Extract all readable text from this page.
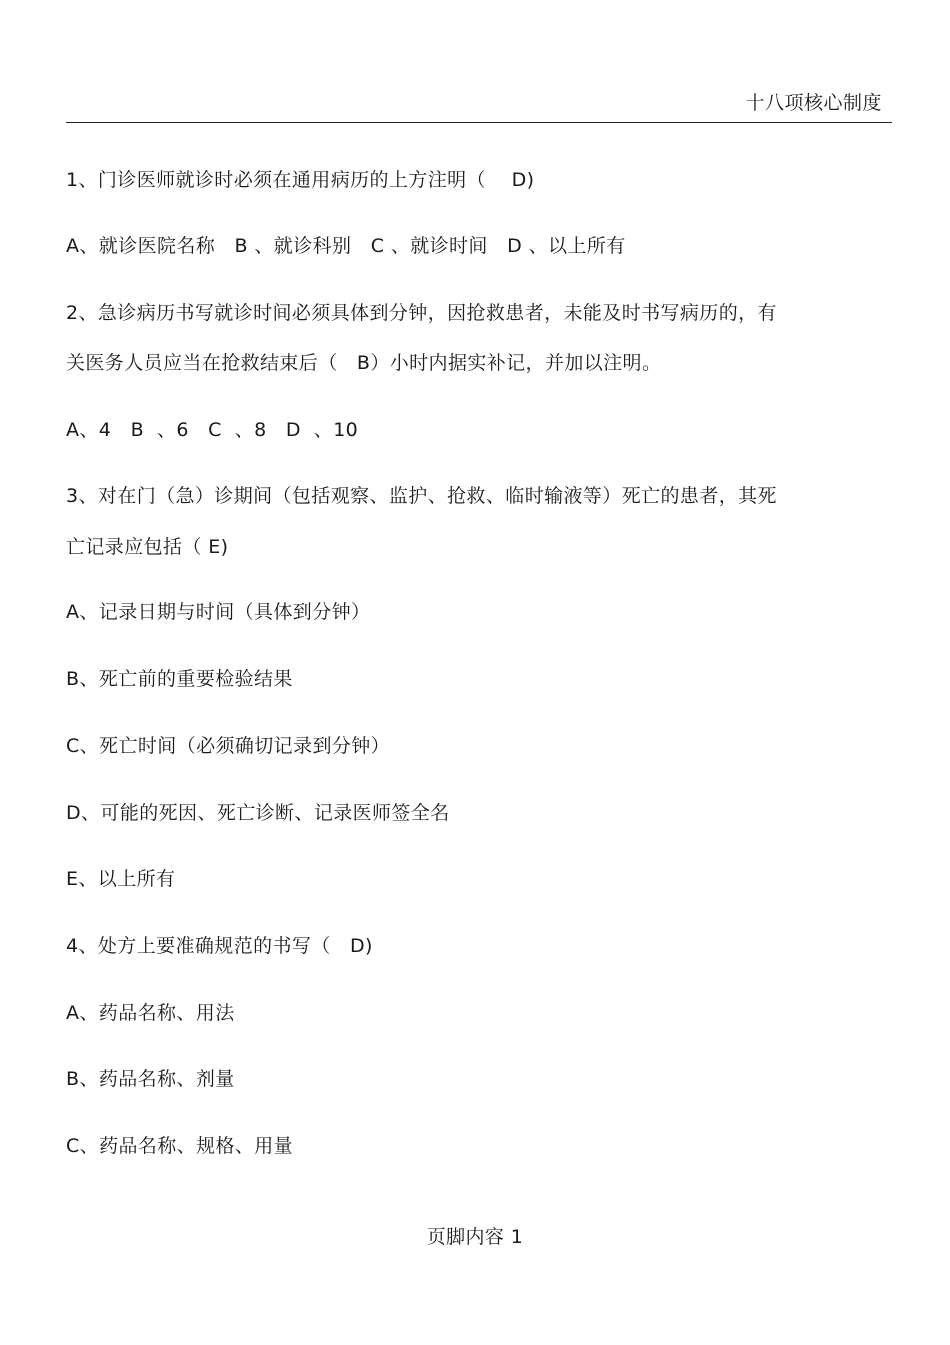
十八项核心制度
1、门诊医师就诊时必须在通用病历的上方注明（    D)
A、就诊医院名称   B 、就诊科别   C 、就诊时间   D 、以上所有
2、急诊病历书写就诊时间必须具体到分钟，因抢救患者，未能及时书写病历的，有
关医务人员应当在抢救结束后（   B）小时内据实补记，并加以注明。
A、4   B  、6   C  、8   D  、10
3、对在门（急）诊期间（包括观察、监护、抢救、临时输液等）死亡的患者，其死
亡记录应包括（ E)
A、记录日期与时间（具体到分钟）
B、死亡前的重要检验结果
C、死亡时间（必须确切记录到分钟）
D、可能的死因、死亡诊断、记录医师签全名
E、以上所有
4、处方上要准确规范的书写（   D)
A、药品名称、用法
B、药品名称、剂量
C、药品名称、规格、用量
页脚内容 1
